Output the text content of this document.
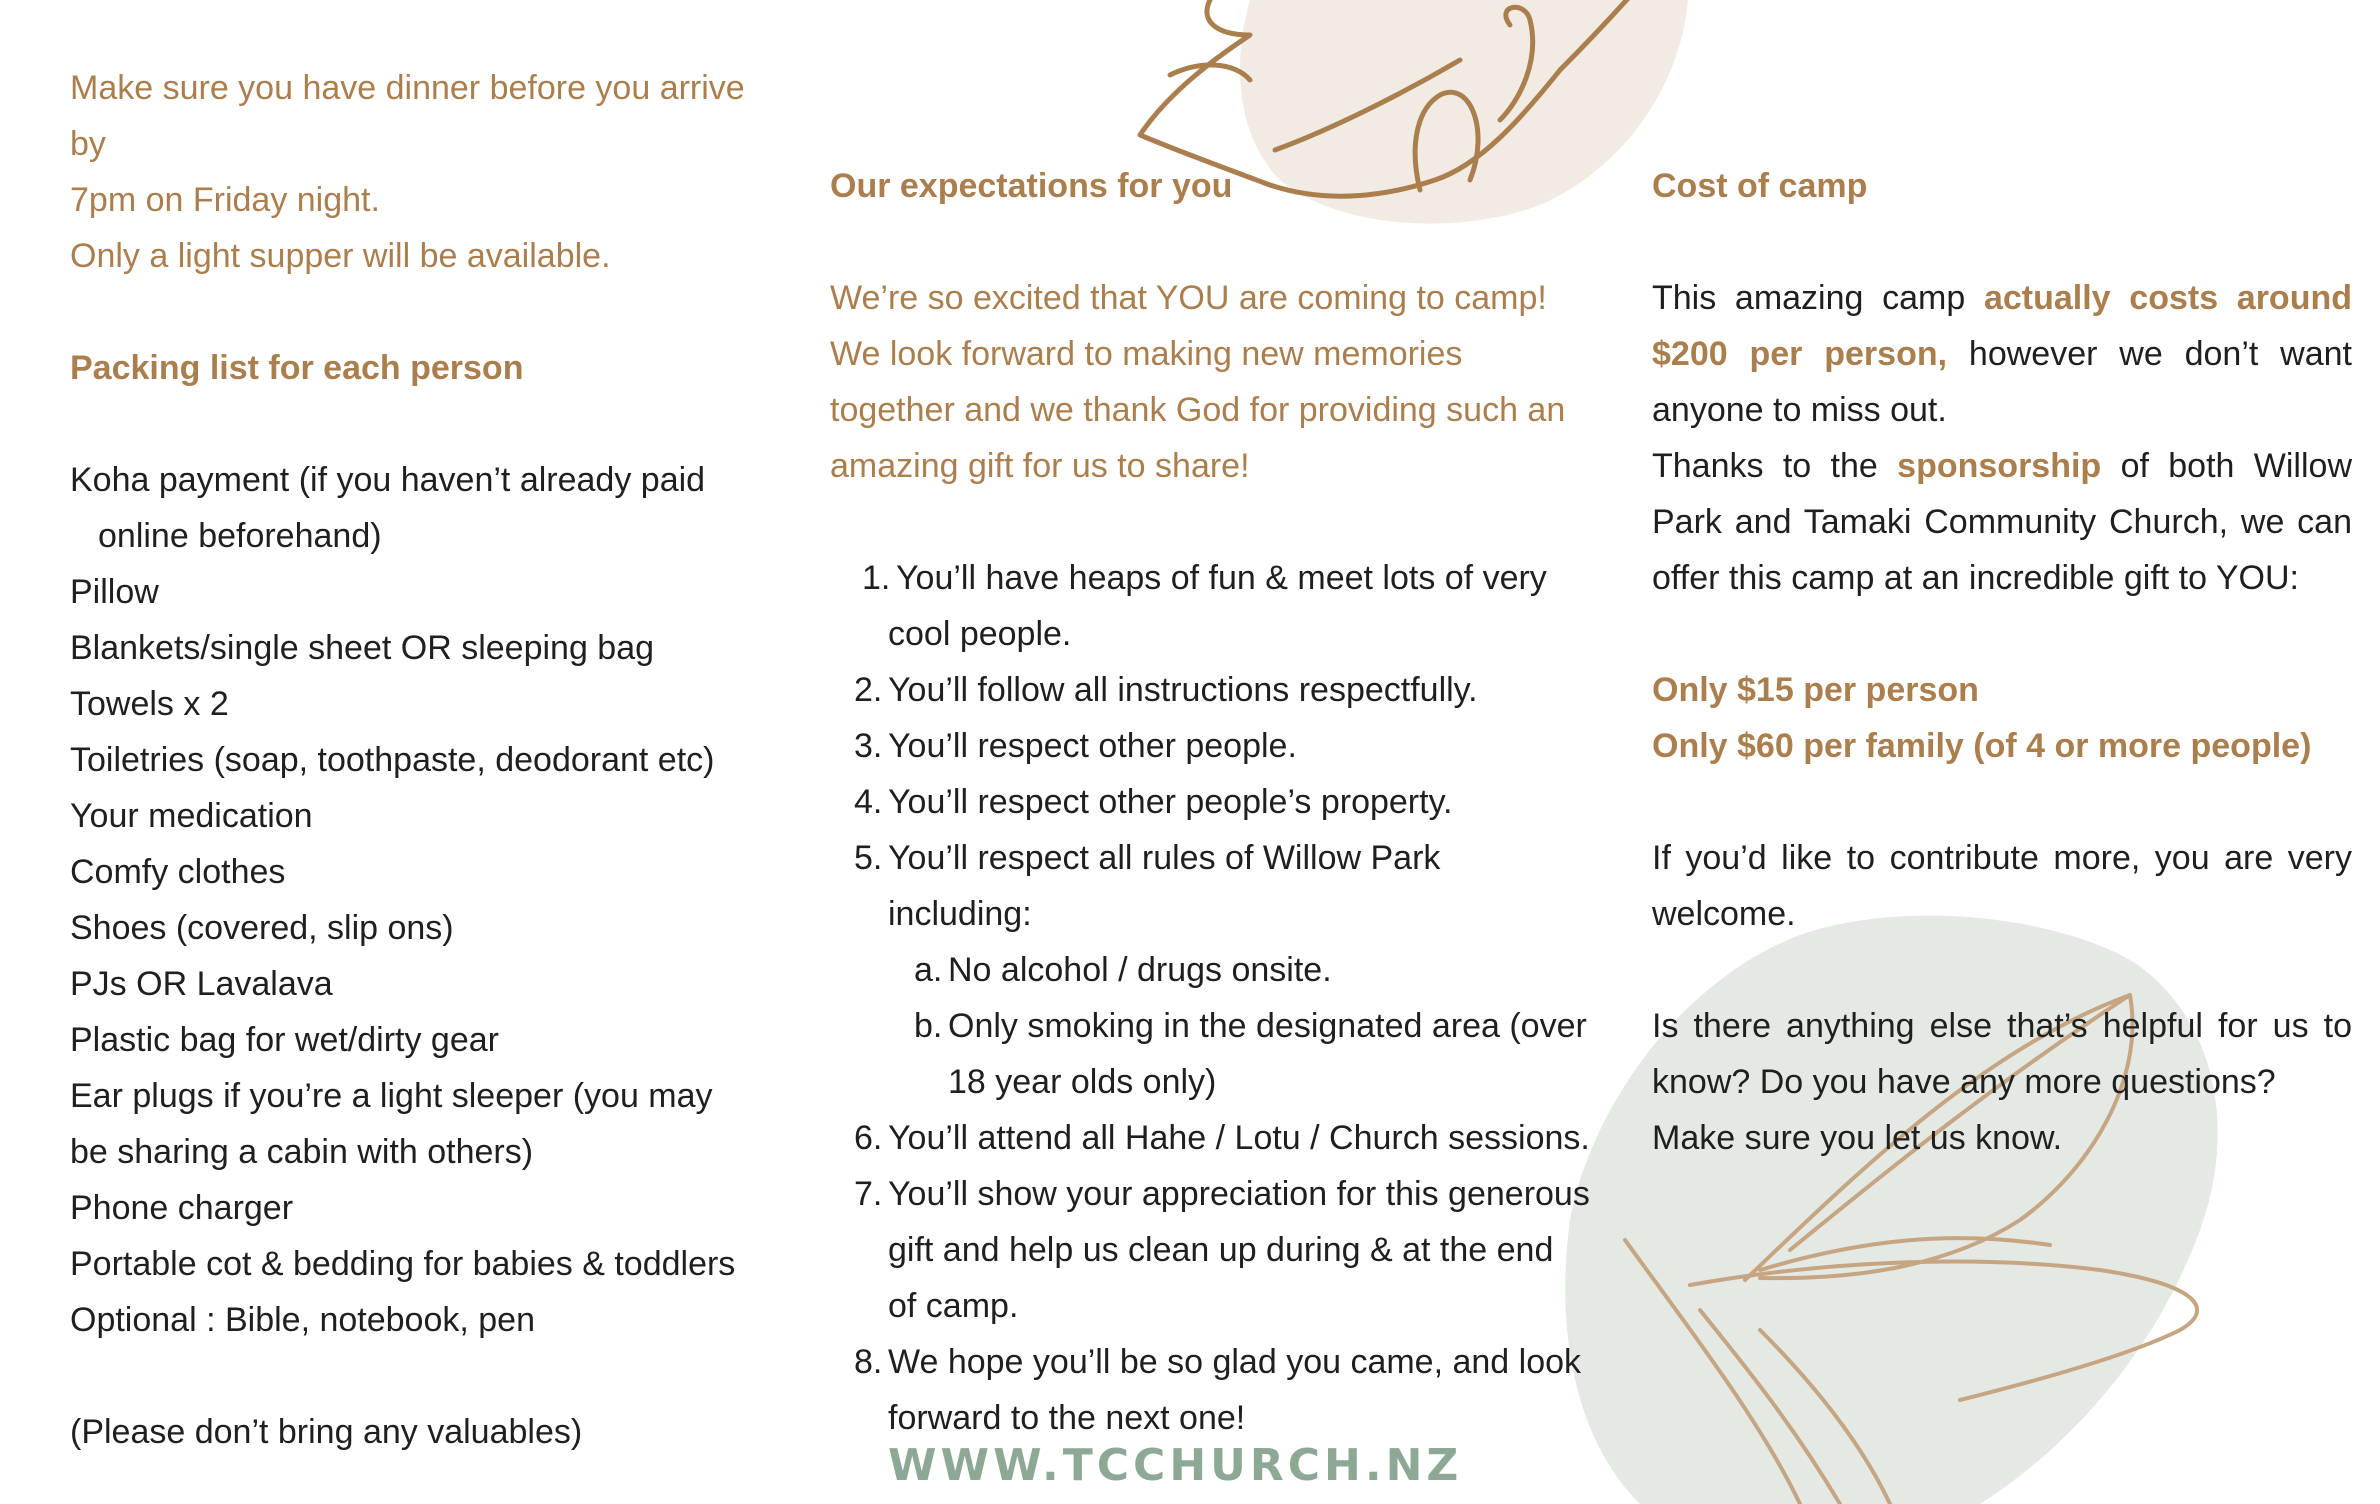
Make sure you have dinner before you arrive by

7pm on Friday night.

Only a light supper will be available.

Packing list for each person

Koha payment (if you haven’t already paid

online beforehand)

Pillow

Blankets/single sheet OR sleeping bag

Towels x 2

Toiletries (soap, toothpaste, deodorant etc)

Your medication

Comfy clothes

Shoes (covered, slip ons)

PJs OR Lavalava

Plastic bag for wet/dirty gear

Ear plugs if you’re a light sleeper (you may

be sharing a cabin with others)

Phone charger

Portable cot & bedding for babies & toddlers

Optional : Bible, notebook, pen

(Please don’t bring any valuables)

Our expectations for you

We’re so excited that YOU are coming to camp!

We look forward to making new memories

together and we thank God for providing such an

amazing gift for us to share!

1. You’ll have heaps of fun & meet lots of very

cool people.

2. You’ll follow all instructions respectfully.

3. You’ll respect other people.

4. You’ll respect other people’s property.

5. You’ll respect all rules of Willow Park including:

a. No alcohol / drugs onsite.

b. Only smoking in the designated area (over

18 year olds only)

6. You’ll attend all Hahe / Lotu / Church sessions.

7. You’ll show your appreciation for this generous

gift and help us clean up during & at the end

of camp.

8. We hope you’ll be so glad you came, and look

forward to the next one!

Cost of camp

This amazing camp actually costs around $200 per person, however we don’t want anyone to miss out.

Thanks to the sponsorship of both Willow Park and Tamaki Community Church, we can offer this camp at an incredible gift to YOU:

Only $15 per person

Only $60 per family (of 4 or more people)

If you’d like to contribute more, you are very welcome.

Is there anything else that’s helpful for us to know? Do you have any more questions?

Make sure you let us know.

WWW.TCCHURCH.NZ
